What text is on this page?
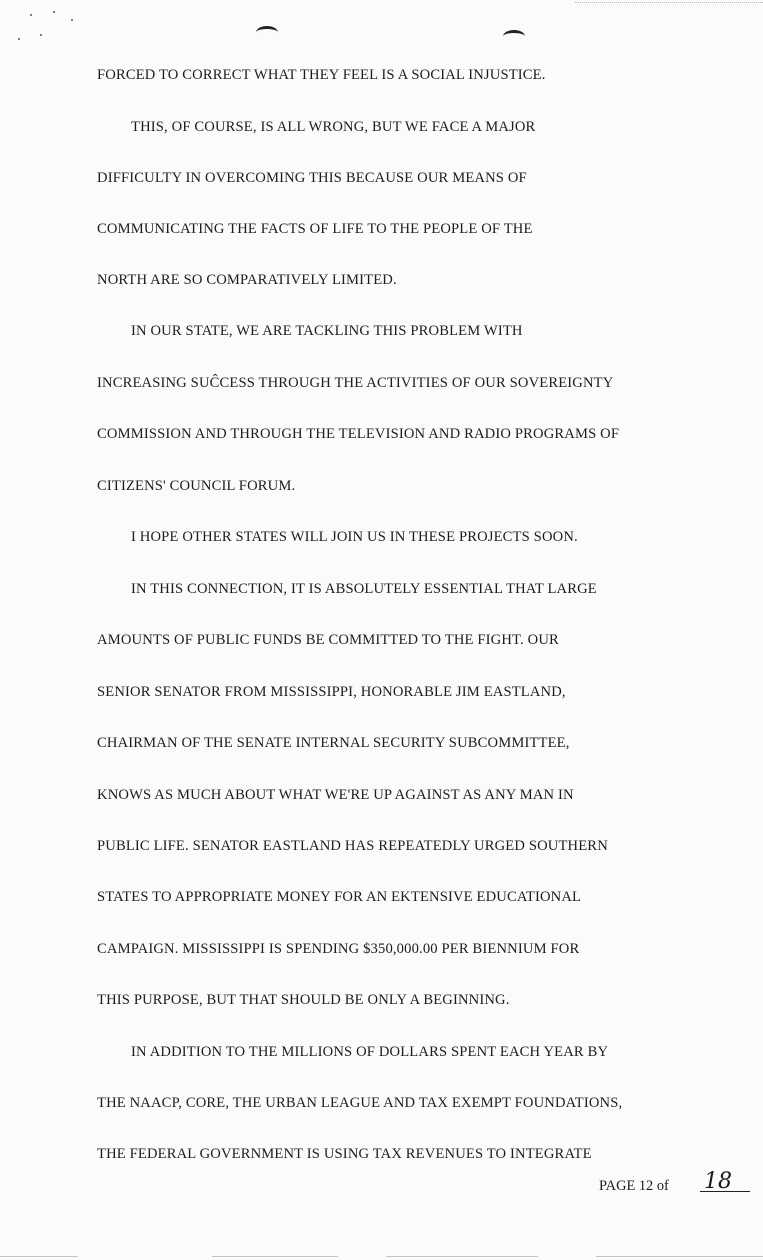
FORCED TO CORRECT WHAT THEY FEEL IS A SOCIAL INJUSTICE.
THIS, OF COURSE, IS ALL WRONG, BUT WE FACE A MAJOR
DIFFICULTY IN OVERCOMING THIS BECAUSE OUR MEANS OF
COMMUNICATING THE FACTS OF LIFE TO THE PEOPLE OF THE
NORTH ARE SO COMPARATIVELY LIMITED.
IN OUR STATE, WE ARE TACKLING THIS PROBLEM WITH
INCREASING SUĈCESS THROUGH THE ACTIVITIES OF OUR SOVEREIGNTY
COMMISSION AND THROUGH THE TELEVISION AND RADIO PROGRAMS OF
CITIZENS' COUNCIL FORUM.
I HOPE OTHER STATES WILL JOIN US IN THESE PROJECTS SOON.
IN THIS CONNECTION, IT IS ABSOLUTELY ESSENTIAL THAT LARGE
AMOUNTS OF PUBLIC FUNDS BE COMMITTED TO THE FIGHT. OUR
SENIOR SENATOR FROM MISSISSIPPI, HONORABLE JIM EASTLAND,
CHAIRMAN OF THE SENATE INTERNAL SECURITY SUBCOMMITTEE,
KNOWS AS MUCH ABOUT WHAT WE'RE UP AGAINST AS ANY MAN IN
PUBLIC LIFE. SENATOR EASTLAND HAS REPEATEDLY URGED SOUTHERN
STATES TO APPROPRIATE MONEY FOR AN EKTENSIVE EDUCATIONAL
CAMPAIGN. MISSISSIPPI IS SPENDING $350,000.00 PER BIENNIUM FOR
THIS PURPOSE, BUT THAT SHOULD BE ONLY A BEGINNING.
IN ADDITION TO THE MILLIONS OF DOLLARS SPENT EACH YEAR BY
THE NAACP, CORE, THE URBAN LEAGUE AND TAX EXEMPT FOUNDATIONS,
THE FEDERAL GOVERNMENT IS USING TAX REVENUES TO INTEGRATE
PAGE 12 of 18
